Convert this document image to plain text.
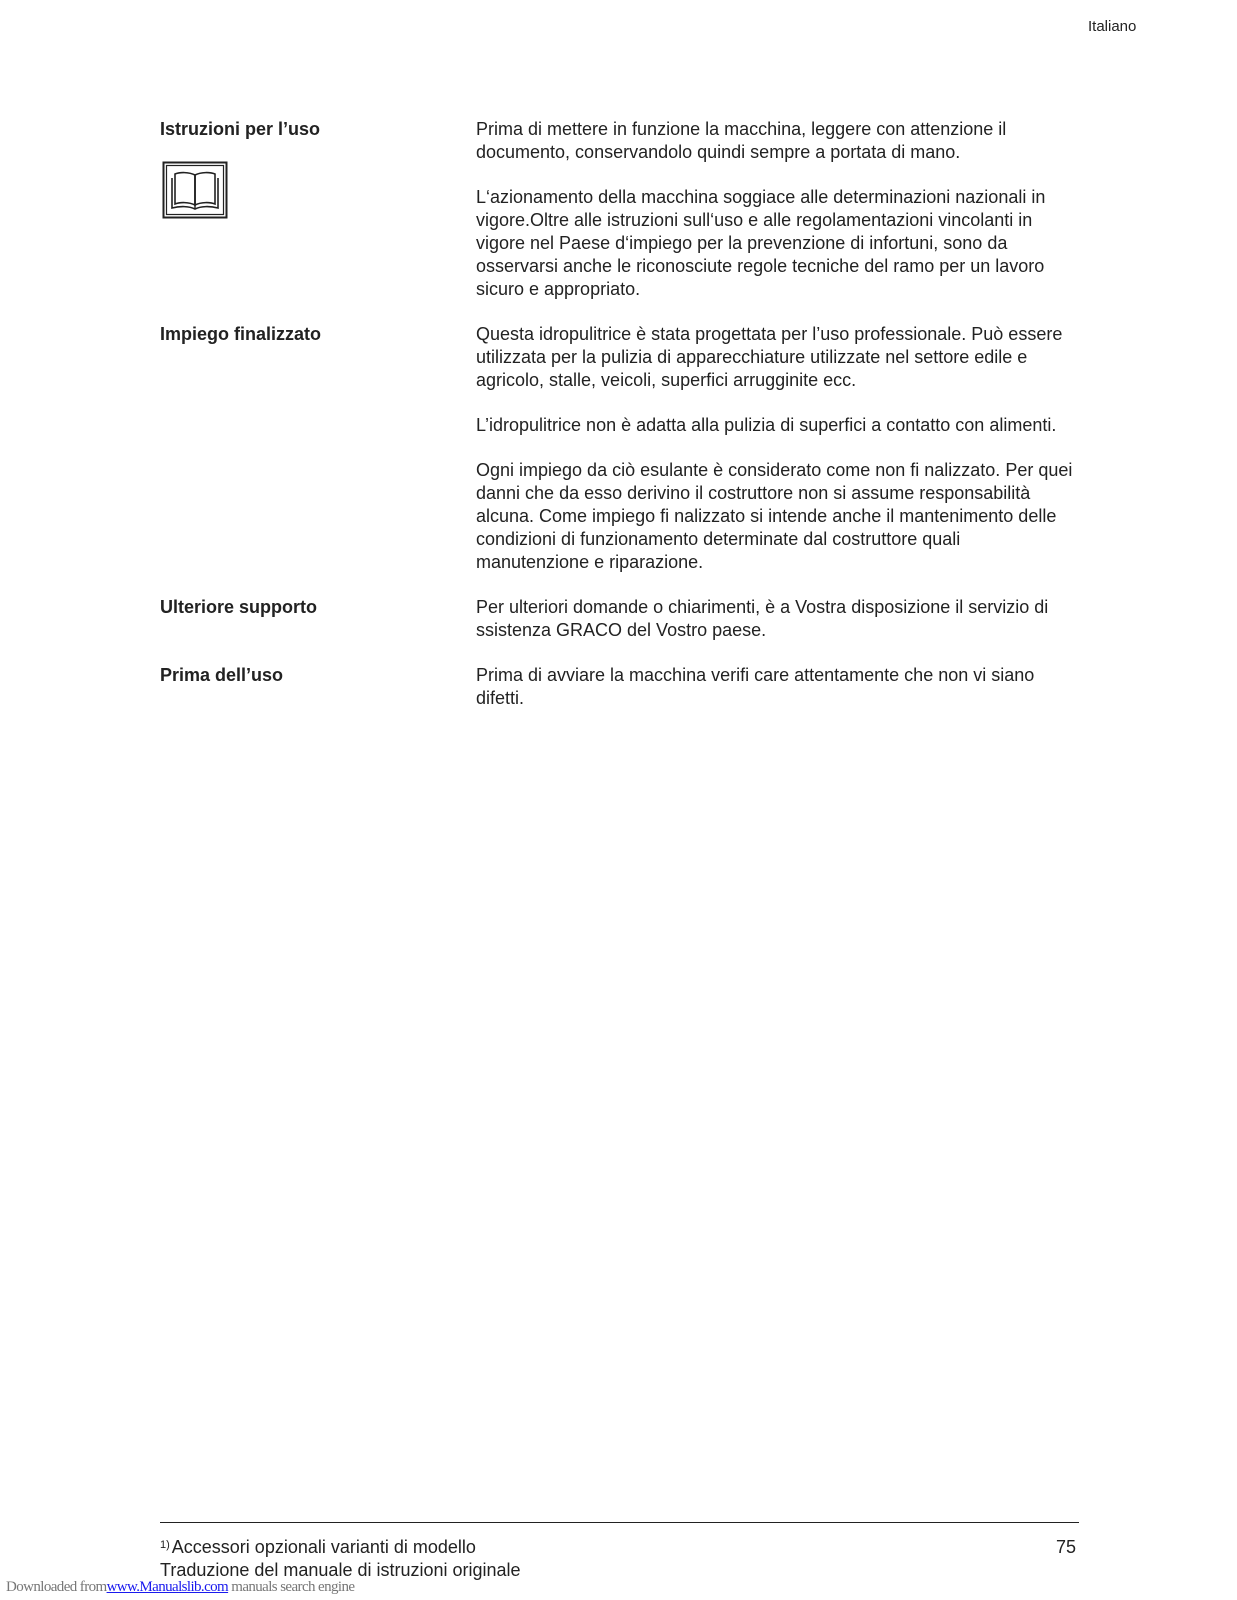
Italiano
Istruzioni per l’uso	Prima di mettere in funzione la macchina, leggere con attenzione il documento, conservandolo quindi sempre a portata di mano.

L‘azionamento della macchina soggiace alle determinazioni nazionali in vigore.Oltre alle istruzioni sull‘uso e alle regolamentazioni vincolanti in vigore nel Paese d‘impiego per la prevenzione di infortuni, sono da osservarsi anche le riconosciute regole tecniche del ramo per un lavoro sicuro e appropriato.

Impiego finalizzato	Questa idropulitrice è stata progettata per l’uso professionale. Può essere utilizzata per la pulizia di apparecchiature utilizzate nel settore edile e agricolo, stalle, veicoli, superfici arrugginite ecc.

L’idropulitrice non è adatta alla pulizia di superfici a contatto con alimenti.

Ogni impiego da ciò esulante è considerato come non fi nalizzato. Per quei danni che da esso derivino il costruttore non si assume responsabilità alcuna. Come impiego fi nalizzato si intende anche il mantenimento delle condizioni di funzionamento determinate dal costruttore quali manutenzione e riparazione.

Ulteriore supporto	Per ulteriori domande o chiarimenti, è a Vostra disposizione il servizio di ssistenza GRACO del Vostro paese.

Prima dell’uso	Prima di avviare la macchina verifi care attentamente che non vi siano difetti.

$^{1)}$ Accessori opzionali varianti di modello
Traduzione del manuale di istruzioni originale
75
Downloaded fromwww.Manualslib.com manuals search engine
